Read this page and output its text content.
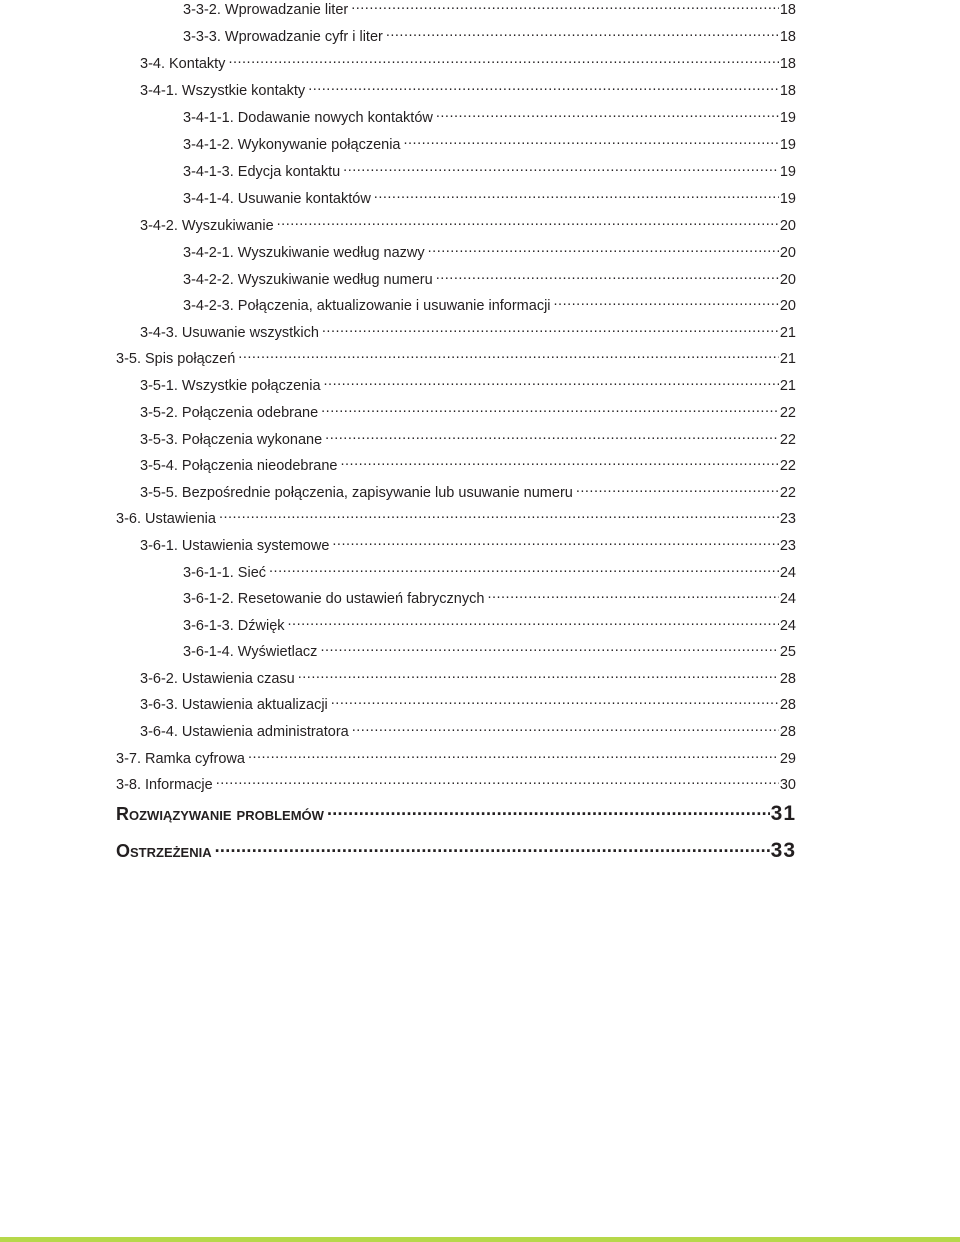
3-3-2. Wprowadzanie liter .....	18
3-3-3. Wprowadzanie cyfr i liter .....	18
3-4. Kontakty .....	18
3-4-1. Wszystkie kontakty .....	18
3-4-1-1. Dodawanie nowych kontaktów .....	19
3-4-1-2. Wykonywanie połączenia .....	19
3-4-1-3. Edycja kontaktu .....	19
3-4-1-4. Usuwanie kontaktów .....	19
3-4-2. Wyszukiwanie .....	20
3-4-2-1. Wyszukiwanie według nazwy .....	20
3-4-2-2. Wyszukiwanie według numeru .....	20
3-4-2-3. Połączenia, aktualizowanie i usuwanie informacji .....	20
3-4-3. Usuwanie wszystkich .....	21
3-5. Spis połączeń .....	21
3-5-1. Wszystkie połączenia .....	21
3-5-2. Połączenia odebrane .....	22
3-5-3. Połączenia wykonane .....	22
3-5-4. Połączenia nieodebrane .....	22
3-5-5. Bezpośrednie połączenia, zapisywanie lub usuwanie numeru .....	22
3-6. Ustawienia .....	23
3-6-1. Ustawienia systemowe .....	23
3-6-1-1. Sieć .....	24
3-6-1-2. Resetowanie do ustawień fabrycznych .....	24
3-6-1-3. Dźwięk .....	24
3-6-1-4. Wyświetlacz .....	25
3-6-2. Ustawienia czasu .....	28
3-6-3. Ustawienia aktualizacji .....	28
3-6-4. Ustawienia administratora .....	28
3-7. Ramka cyfrowa .....	29
3-8. Informacje .....	30
Rozwiązywanie problemów .....	31
Ostrzeżenia .....	33
